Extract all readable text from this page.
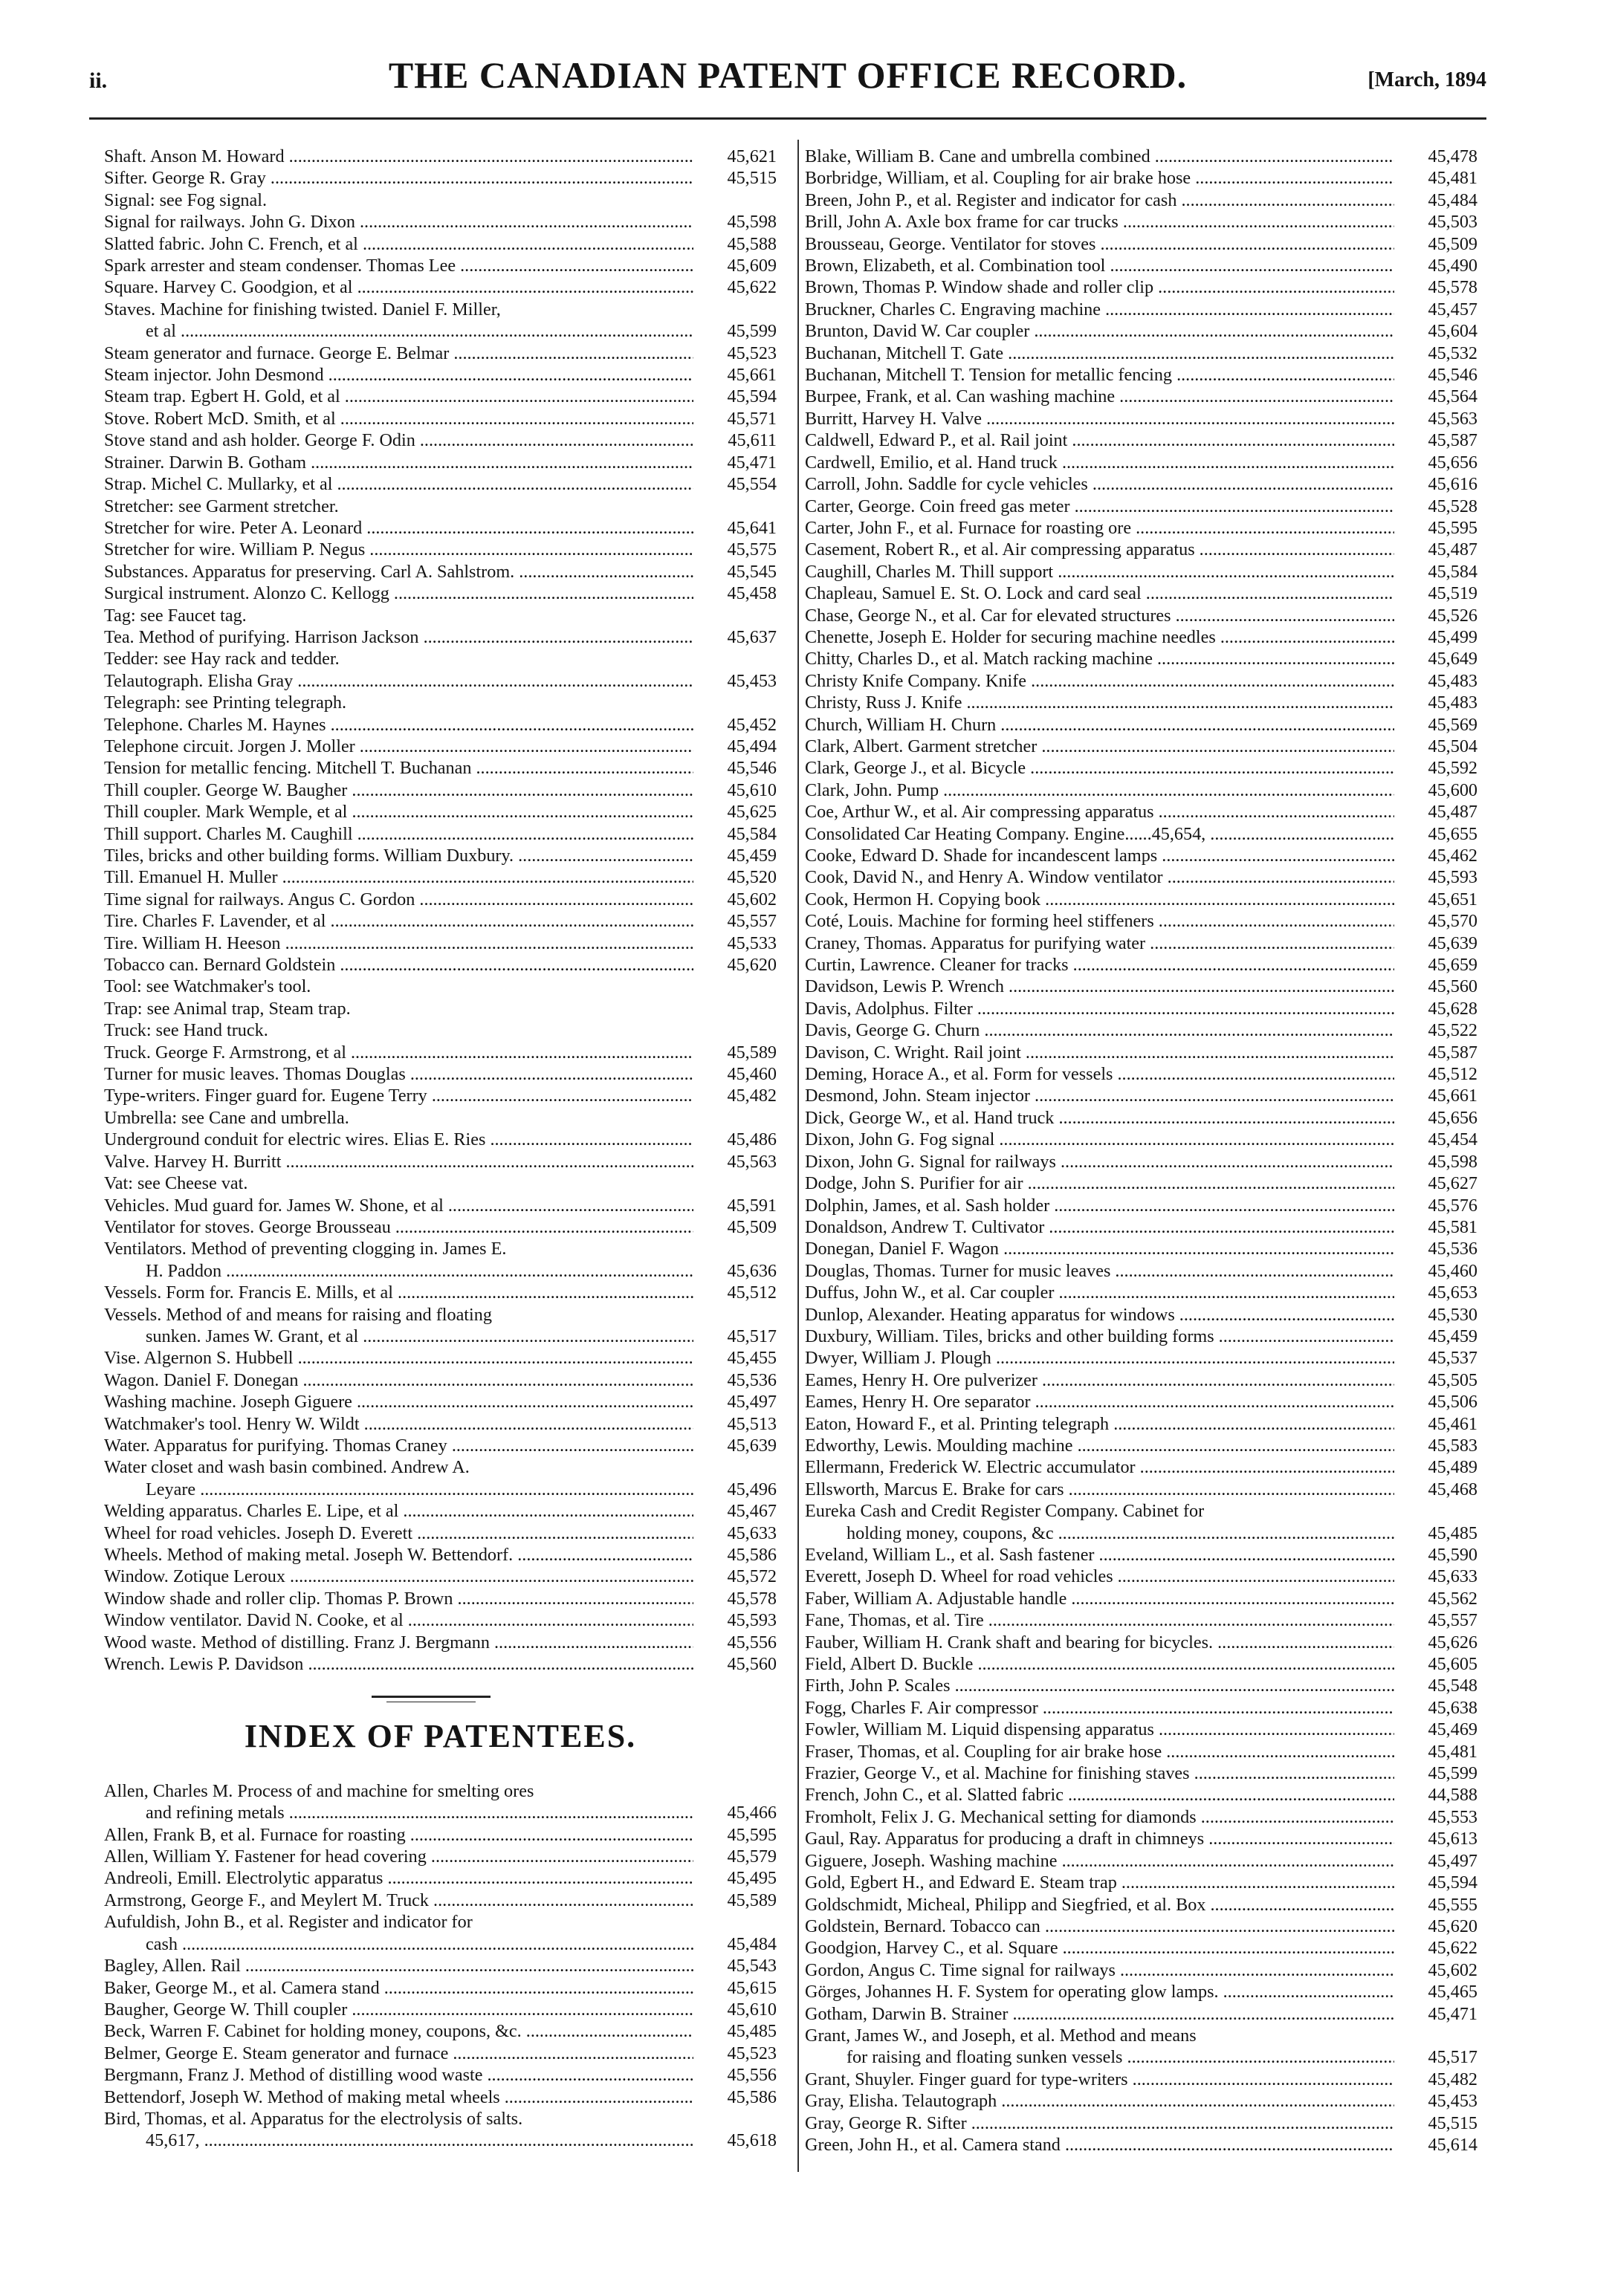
ii.	THE CANADIAN PATENT OFFICE RECORD.	[March, 1894
Shaft. Anson M. Howard .....	45,621
Sifter. George R. Gray .....	45,515
Signal: see Fog signal.
Signal for railways. John G. Dixon .....	45,598
Slatted fabric. John C. French, et al .....	45,588
Spark arrester and steam condenser. Thomas Lee .....	45,609
Square. Harvey C. Goodgion, et al .....	45,622
Staves. Machine for finishing twisted. Daniel F. Miller,
et al .....	45,599
Steam generator and furnace. George E. Belmar .....	45,523
Steam injector. John Desmond .....	45,661
Steam trap. Egbert H. Gold, et al .....	45,594
Stove. Robert McD. Smith, et al .....	45,571
Stove stand and ash holder. George F. Odin .....	45,611
Strainer. Darwin B. Gotham .....	45,471
Strap. Michel C. Mullarky, et al .....	45,554
Stretcher: see Garment stretcher.
Stretcher for wire. Peter A. Leonard .....	45,641
Stretcher for wire. William P. Negus .....	45,575
Substances. Apparatus for preserving. Carl A. Sahlstrom. .....	45,545
Surgical instrument. Alonzo C. Kellogg .....	45,458
Tag: see Faucet tag.
Tea. Method of purifying. Harrison Jackson .....	45,637
Tedder: see Hay rack and tedder.
Telautograph. Elisha Gray .....	45,453
Telegraph: see Printing telegraph.
Telephone. Charles M. Haynes .....	45,452
Telephone circuit. Jorgen J. Moller .....	45,494
Tension for metallic fencing. Mitchell T. Buchanan .....	45,546
Thill coupler. George W. Baugher .....	45,610
Thill coupler. Mark Wemple, et al .....	45,625
Thill support. Charles M. Caughill .....	45,584
Tiles, bricks and other building forms. William Duxbury. .....	45,459
Till. Emanuel H. Muller .....	45,520
Time signal for railways. Angus C. Gordon .....	45,602
Tire. Charles F. Lavender, et al .....	45,557
Tire. William H. Heeson .....	45,533
Tobacco can. Bernard Goldstein .....	45,620
Tool: see Watchmaker's tool.
Trap: see Animal trap, Steam trap.
Truck: see Hand truck.
Truck. George F. Armstrong, et al .....	45,589
Turner for music leaves. Thomas Douglas .....	45,460
Type-writers. Finger guard for. Eugene Terry .....	45,482
Umbrella: see Cane and umbrella.
Underground conduit for electric wires. Elias E. Ries .....	45,486
Valve. Harvey H. Burritt .....	45,563
Vat: see Cheese vat.
Vehicles. Mud guard for. James W. Shone, et al .....	45,591
Ventilator for stoves. George Brousseau .....	45,509
Ventilators. Method of preventing clogging in. James E.
H. Paddon .....	45,636
Vessels. Form for. Francis E. Mills, et al .....	45,512
Vessels. Method of and means for raising and floating
sunken. James W. Grant, et al .....	45,517
Vise. Algernon S. Hubbell .....	45,455
Wagon. Daniel F. Donegan .....	45,536
Washing machine. Joseph Giguere .....	45,497
Watchmaker's tool. Henry W. Wildt .....	45,513
Water. Apparatus for purifying. Thomas Craney .....	45,639
Water closet and wash basin combined. Andrew A.
Leyare .....	45,496
Welding apparatus. Charles E. Lipe, et al .....	45,467
Wheel for road vehicles. Joseph D. Everett .....	45,633
Wheels. Method of making metal. Joseph W. Bettendorf. .....	45,586
Window. Zotique Leroux .....	45,572
Window shade and roller clip. Thomas P. Brown .....	45,578
Window ventilator. David N. Cooke, et al .....	45,593
Wood waste. Method of distilling. Franz J. Bergmann .....	45,556
Wrench. Lewis P. Davidson .....	45,560
INDEX OF PATENTEES.
Allen, Charles M. Process of and machine for smelting ores
and refining metals .....	45,466
Allen, Frank B, et al. Furnace for roasting .....	45,595
Allen, William Y. Fastener for head covering .....	45,579
Andreoli, Emill. Electrolytic apparatus .....	45,495
Armstrong, George F., and Meylert M. Truck .....	45,589
Aufuldish, John B., et al. Register and indicator for
cash .....	45,484
Bagley, Allen. Rail .....	45,543
Baker, George M., et al. Camera stand .....	45,615
Baugher, George W. Thill coupler .....	45,610
Beck, Warren F. Cabinet for holding money, coupons, &c. .....	45,485
Belmer, George E. Steam generator and furnace .....	45,523
Bergmann, Franz J. Method of distilling wood waste .....	45,556
Bettendorf, Joseph W. Method of making metal wheels .....	45,586
Bird, Thomas, et al. Apparatus for the electrolysis of salts.
45,617, .....	45,618
Blake, William B. Cane and umbrella combined .....	45,478
Borbridge, William, et al. Coupling for air brake hose .....	45,481
Breen, John P., et al. Register and indicator for cash .....	45,484
Brill, John A. Axle box frame for car trucks .....	45,503
Brousseau, George. Ventilator for stoves .....	45,509
Brown, Elizabeth, et al. Combination tool .....	45,490
Brown, Thomas P. Window shade and roller clip .....	45,578
Bruckner, Charles C. Engraving machine .....	45,457
Brunton, David W. Car coupler .....	45,604
Buchanan, Mitchell T. Gate .....	45,532
Buchanan, Mitchell T. Tension for metallic fencing .....	45,546
Burpee, Frank, et al. Can washing machine .....	45,564
Burritt, Harvey H. Valve .....	45,563
Caldwell, Edward P., et al. Rail joint .....	45,587
Cardwell, Emilio, et al. Hand truck .....	45,656
Carroll, John. Saddle for cycle vehicles .....	45,616
Carter, George. Coin freed gas meter .....	45,528
Carter, John F., et al. Furnace for roasting ore .....	45,595
Casement, Robert R., et al. Air compressing apparatus .....	45,487
Caughill, Charles M. Thill support .....	45,584
Chapleau, Samuel E. St. O. Lock and card seal .....	45,519
Chase, George N., et al. Car for elevated structures .....	45,526
Chenette, Joseph E. Holder for securing machine needles .....	45,499
Chitty, Charles D., et al. Match racking machine .....	45,649
Christy Knife Company. Knife .....	45,483
Christy, Russ J. Knife .....	45,483
Church, William H. Churn .....	45,569
Clark, Albert. Garment stretcher .....	45,504
Clark, George J., et al. Bicycle .....	45,592
Clark, John. Pump .....	45,600
Coe, Arthur W., et al. Air compressing apparatus .....	45,487
Consolidated Car Heating Company. Engine......45,654, .....	45,655
Cooke, Edward D. Shade for incandescent lamps .....	45,462
Cook, David N., and Henry A. Window ventilator .....	45,593
Cook, Hermon H. Copying book .....	45,651
Coté, Louis. Machine for forming heel stiffeners .....	45,570
Craney, Thomas. Apparatus for purifying water .....	45,639
Curtin, Lawrence. Cleaner for tracks .....	45,659
Davidson, Lewis P. Wrench .....	45,560
Davis, Adolphus. Filter .....	45,628
Davis, George G. Churn .....	45,522
Davison, C. Wright. Rail joint .....	45,587
Deming, Horace A., et al. Form for vessels .....	45,512
Desmond, John. Steam injector .....	45,661
Dick, George W., et al. Hand truck .....	45,656
Dixon, John G. Fog signal .....	45,454
Dixon, John G. Signal for railways .....	45,598
Dodge, John S. Purifier for air .....	45,627
Dolphin, James, et al. Sash holder .....	45,576
Donaldson, Andrew T. Cultivator .....	45,581
Donegan, Daniel F. Wagon .....	45,536
Douglas, Thomas. Turner for music leaves .....	45,460
Duffus, John W., et al. Car coupler .....	45,653
Dunlop, Alexander. Heating apparatus for windows .....	45,530
Duxbury, William. Tiles, bricks and other building forms .....	45,459
Dwyer, William J. Plough .....	45,537
Eames, Henry H. Ore pulverizer .....	45,505
Eames, Henry H. Ore separator .....	45,506
Eaton, Howard F., et al. Printing telegraph .....	45,461
Edworthy, Lewis. Moulding machine .....	45,583
Ellermann, Frederick W. Electric accumulator .....	45,489
Ellsworth, Marcus E. Brake for cars .....	45,468
Eureka Cash and Credit Register Company. Cabinet for
holding money, coupons, &c .....	45,485
Eveland, William L., et al. Sash fastener .....	45,590
Everett, Joseph D. Wheel for road vehicles .....	45,633
Faber, William A. Adjustable handle .....	45,562
Fane, Thomas, et al. Tire .....	45,557
Fauber, William H. Crank shaft and bearing for bicycles. .....	45,626
Field, Albert D. Buckle .....	45,605
Firth, John P. Scales .....	45,548
Fogg, Charles F. Air compressor .....	45,638
Fowler, William M. Liquid dispensing apparatus .....	45,469
Fraser, Thomas, et al. Coupling for air brake hose .....	45,481
Frazier, George V., et al. Machine for finishing staves .....	45,599
French, John C., et al. Slatted fabric .....	44,588
Fromholt, Felix J. G. Mechanical setting for diamonds .....	45,553
Gaul, Ray. Apparatus for producing a draft in chimneys .....	45,613
Giguere, Joseph. Washing machine .....	45,497
Gold, Egbert H., and Edward E. Steam trap .....	45,594
Goldschmidt, Micheal, Philipp and Siegfried, et al. Box .....	45,555
Goldstein, Bernard. Tobacco can .....	45,620
Goodgion, Harvey C., et al. Square .....	45,622
Gordon, Angus C. Time signal for railways .....	45,602
Görges, Johannes H. F. System for operating glow lamps. .....	45,465
Gotham, Darwin B. Strainer .....	45,471
Grant, James W., and Joseph, et al. Method and means
for raising and floating sunken vessels .....	45,517
Grant, Shuyler. Finger guard for type-writers .....	45,482
Gray, Elisha. Telautograph .....	45,453
Gray, George R. Sifter .....	45,515
Green, John H., et al. Camera stand .....	45,614
